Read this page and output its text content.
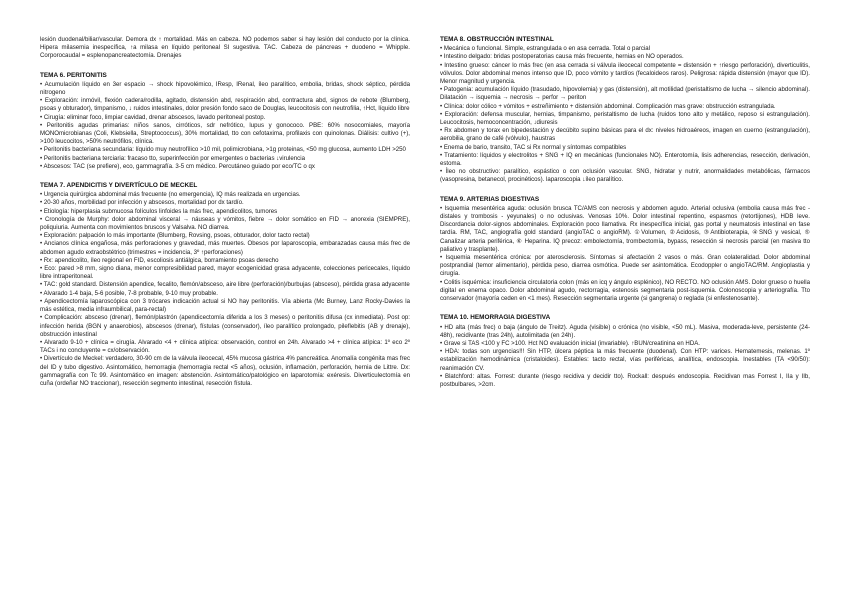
lesión duodenal/biliar/vascular. Demora dx ↑ mortalidad. Más en cabeza. NO podemos saber si hay lesión del conducto por la clínica. Hipera milasemia inespecífica, ↑a milasa en líquido peritoneal SI sugestiva. TAC. Cabeza de páncreas + duodeno = Whipple. Corporocaudal = esplenopancreatectomía. Drenajes

TEMA 6. PERITONITIS

• Acumulación líquido en 3er espacio → shock hipovolémico, IResp, IRenal, íleo paralítico, embolia, bridas, shock séptico, pérdida nitrogeno

• Exploración: inmóvil, flexión cadera/rodilla, agitado, distensión abd, respiración abd, contractura abd, signos de rebote (Blumberg, psoas y obturador), timpanismo, ↓ ruidos intestinales, dolor presión fondo saco de Douglas, leucocitosis con neutrofilia, ↑Hct, líquido libre

• Cirugía: eliminar foco, limpiar cavidad, drenar abscesos, lavado peritoneal postop.

• Peritonitis agudas primarias: niños sanos, cirróticos, sdr nefrótico, lupus y gonococo. PBE: 60% nosocomiales, mayoría MONOmicrobianas (Coli, Klebsiella, Streptococcus), 30% mortalidad, tto con cefotaxima, profilaxis con quinolonas. Diálisis: cultivo (+), >100 leucocitos, >50% neutrófilos, clínica.

• Peritonitis bacteriana secundaria: líquido muy neutrofílico >10 mil, polimicrobiana, >1g proteinas, <50 mg glucosa, aumento LDH >250

• Peritonitis bacteriana terciaria: fracaso tto, superinfección por emergentes o bacterias ↓virulencia

• Abscesos: TAC (se prefiere), eco, gammagrafía. 3-5 cm médico. Percutáneo guiado por eco/TC o qx

TEMA 7. APENDICITIS Y DIVERTÍCULO DE MECKEL

• Urgencia quirúrgica abdominal más frecuente (no emergencia), IQ más realizada en urgencias.

• 20-30 años, morbilidad por infección y abscesos, mortalidad por dx tardío.

• Etiología: hiperplasia submucosa folículos linfoides la más frec, apendicolitos, tumores

• Cronología de Murphy: dolor abdominal visceral → náuseas y vómitos, fiebre → dolor somático en FID → anorexia (SIEMPRE), poliquiuria. Aumenta con movimientos bruscos y Valsalva. NO diarrea.

• Exploración: palpación lo más importante (Blumberg, Rovsing, psoas, obturador, dolor tacto rectal)

• Ancianos clínica engañosa, más perforaciones y gravedad, más muertes. Obesos por laparoscopia, embarazadas causa más frec de abdomen agudo extraobstétrico (trimestres = incidencia, 3º ↑perforaciones)

• Rx: apendicolito, íleo regional en FID, escoliosis antiálgica, borramiento psoas derecho

• Eco: pared >8 mm, signo diana, menor compresibilidad pared, mayor ecogenicidad grasa adyacente, colecciones pericecales, líquido libre intraperitoneal.

• TAC: gold standard. Distensión apendice, fecalito, flemón/absceso, aire libre (perforación)/burbujas (absceso), pérdida grasa adyacente

• Alvarado 1-4 baja, 5-6 posible, 7-8 probable, 9-10 muy probable.

• Apendicectomía laparoscópica con 3 trócares indicación actual si NO hay peritonitis. Vía abierta (Mc Burney, Lanz Rocky-Davies la más estética, media infraumbilical, para-rectal)

• Complicación: absceso (drenar), flemón/plastrón (apendicectomía diferida a los 3 meses) o peritonitis difusa (cx inmediata). Post op: infección herida (BGN y anaerobios), abscesos (drenar), fístulas (conservador), íleo paralítico prolongado, pileflebitis (AB y drenaje), obstrucción intestinal

• Alvarado 9-10 + clínica = cirugía. Alvarado <4 + clínica atípica: observación, control en 24h. Alvarado >4 + clínica atípica: 1º eco 2º TACs i no concluyente = cx/observación.

• Divertículo de Meckel: verdadero, 30-90 cm de la válvula ileocecal, 45% mucosa gástrica 4% pancreática. Anomalía congénita mas frec del ID y tubo digestivo. Asintomático, hemorragia (hemorragia rectal <5 años), oclusión, inflamación, perforación, hernia de Littre. Dx: gammagrafía con Tc 99. Asintomático en imagen: abstención. Asintomático/patológico en laparotomía: exéresis. Diverticulectomía en cuña (ordeñar NO traccionar), resección segmento intestinal, resección fístula.

TEMA 8. OBSTRUCCIÓN INTESTINAL

• Mecánica o funcional. Simple, estrangulada o en asa cerrada. Total o parcial

• Intestino delgado: bridas postoperatorias causa más frecuente, hernias en NO operados.

• Intestino grueso: cáncer lo más frec (en asa cerrada si válvula ileocecal competente = distensión + ↑riesgo perforación), diverticulitis, vólvulos. Dolor abdominal menos intenso que ID, poco vómito y tardíos (fecaloideos raros). Peligrosa: rápida distensión (mayor que ID). Menor magnitud y urgencia.

• Patogenia: acumulación líquido (trasudado, hipovolemia) y gas (distensión), alt motilidad (peristaltismo de lucha → silencio abdominal). Dilatación → isquemia → necrosis → perfor → periton

• Clínica: dolor cólico + vómitos + estreñimiento + distensión abdominal. Complicación mas grave: obstrucción estrangulada.

• Exploración: defensa muscular, hernias, timpanismo, peristaltismo de lucha (ruidos tono alto y metálico, reposo si estrangulación). Leucocitosis, hemoconcentración, ↓diuresis

• Rx abdomen y torax en bipedestación y decúbito supino básicas para el dx: niveles hidroaéreos, imagen en cuerno (estrangulación), aerobilia, grano de café (vólvulo), haustras

• Enema de bario, transito, TAC si Rx normal y síntomas compatibles

• Tratamiento: líquidos y electrolitos + SNG + IQ en mecánicas (funcionales NO). Enterotomía, lisis adherencias, resección, derivación, estoma.

• Íleo no obstructivo: paralítico, espástico o con oclusión vascular. SNG, hidratar y nutrir, anormalidades metabólicas, fármacos (vasopresina, betanecol, procinéticos). laparoscopia ↓íleo paralítico.

TEMA 9. ARTERIAS DIGESTIVAS

• Isquemia mesentérica aguda: oclusión brusca TC/AMS con necrosis y abdomen agudo. Arterial oclusiva (embolia causa más frec - distales y trombosis - yeyunales) o no oclusivas. Venosas 10%. Dolor intestinal repentino, espasmos (retortijones), HDB leve. Discordancia dolor-signos abdominales. Exploración poco llamativa. Rx inespecífica inicial, gas portal y neumatosis intestinal en fase tardía. RM, TAC, angiografía gold standard (angioTAC o angioRM). ①Volumen, ②Acidosis, ③Antibioterapia, ④SNG y vesical, ⑤ Canalizar arteria periférica, ⑥ Heparina. IQ precoz: embolectomía, trombectomía, bypass, resección si necrosis parcial (en masiva tto paliativo y trasplante).

• Isquemia mesentérica crónica: por aterosclerosis. Síntomas si afectación 2 vasos o más. Gran colateralidad. Dolor abdominal postprandial (temor alimentario), pérdida peso, diarrea osmótica. Puede ser asintomática. Ecodoppler o angioTAC/RM. Angioplastia y cirugía.

• Colitis isquémica: insuficiencia circulatoria colon (más en icq y ángulo esplénico), NO RECTO. NO oclusión AMS. Dolor grueso o huella digital en enema opaco. Dolor abdominal agudo, rectorragia, estenosis segmentaria post-isquemia. Colonoscopia y arteriografía. Tto conservador (mayoría ceden en <1 mes). Resección segmentaria urgente (si gangrena) o reglada (si enfestenosante).

TEMA 10. HEMORRAGIA DIGESTIVA

• HD alta (más frec) o baja (ángulo de Treitz). Aguda (visible) o crónica (no visible, <50 mL). Masiva, moderada-leve, persistente (24-48h), recidivante (tras 24h), autolimitada (en 24h).

• Grave si TAS <100 y FC >100. Hct NO evaluación inicial (invariable). ↑BUN/creatinina en HDA.

• HDA: todas son urgencias!!! Sin HTP, úlcera péptica la más frecuente (duodenal). Con HTP: varices. Hematemesis, melenas. 1º estabilización hemodinámica (cristaloides). Estables: tacto rectal, vías periféricas, analítica, endoscopia. Inestables (TA <90/50): reanimación CV.

• Blatchford: altas. Forrest: durante (riesgo recidiva y decidir tto). Rockall: después endoscopia. Recidivan mas Forrest I, IIa y IIb, postbulbares, >2cm.
